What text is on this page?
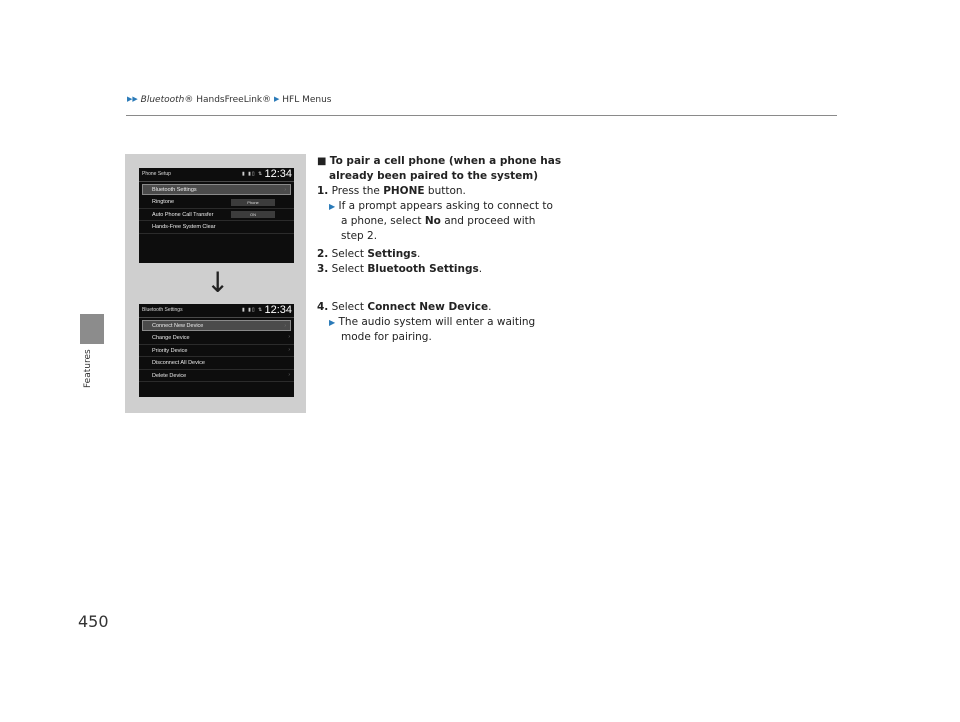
▶▶ Bluetooth® HandsFreeLink® ▶ HFL Menus
Features
450
Phone Setup	▮ ▮▯ ⇅ 12:34
Bluetooth Settings	›
Ringtone	Phone
Auto Phone Call Transfer	ON
Hands-Free System Clear
↓
Bluetooth Settings	▮ ▮▯ ⇅ 12:34
Connect New Device	›
Change Device	›
Priority Device	›
Disconnect All Device
Delete Device	›
■ To pair a cell phone (when a phone has
already been paired to the system)
1. Press the PHONE button.
▶ If a prompt appears asking to connect to
a phone, select No and proceed with
step 2.
2. Select Settings.
3. Select Bluetooth Settings.
4. Select Connect New Device.
▶ The audio system will enter a waiting
mode for pairing.
